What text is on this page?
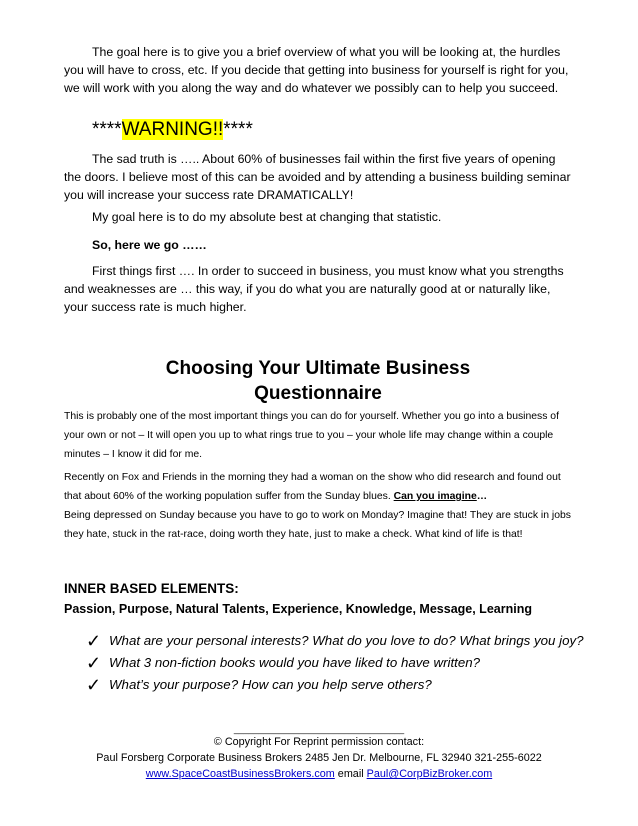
The goal here is to give you a brief overview of what you will be looking at, the hurdles you will have to cross, etc. If you decide that getting into business for yourself is right for you, we will work with you along the way and do whatever we possibly can to help you succeed.

****WARNING!!****

The sad truth is ….. About 60% of businesses fail within the first five years of opening the doors. I believe most of this can be avoided and by attending a business building seminar you will increase your success rate DRAMATICALLY!

My goal here is to do my absolute best at changing that statistic.

So, here we go ……

First things first …. In order to succeed in business, you must know what you strengths and weaknesses are … this way, if you do what you are naturally good at or naturally like, your success rate is much higher.

Choosing Your Ultimate Business
Questionnaire

This is probably one of the most important things you can do for yourself. Whether you go into a business of your own or not – It will open you up to what rings true to you – your whole life may change within a couple minutes – I know it did for me.

Recently on Fox and Friends in the morning they had a woman on the show who did research and found out that about 60% of the working population suffer from the Sunday blues. Can you imagine…
Being depressed on Sunday because you have to go to work on Monday? Imagine that! They are stuck in jobs they hate, stuck in the rat-race, doing worth they hate, just to make a check. What kind of life is that!

INNER BASED ELEMENTS:

Passion, Purpose, Natural Talents, Experience, Knowledge, Message, Learning

✓ What are your personal interests? What do you love to do? What brings you joy?
✓ What 3 non-fiction books would you have liked to have written?
✓ What’s your purpose? How can you help serve others?
__________________________________
© Copyright For Reprint permission contact:
Paul Forsberg Corporate Business Brokers 2485 Jen Dr. Melbourne, FL 32940 321-255-6022
www.SpaceCoastBusinessBrokers.com email Paul@CorpBizBroker.com
